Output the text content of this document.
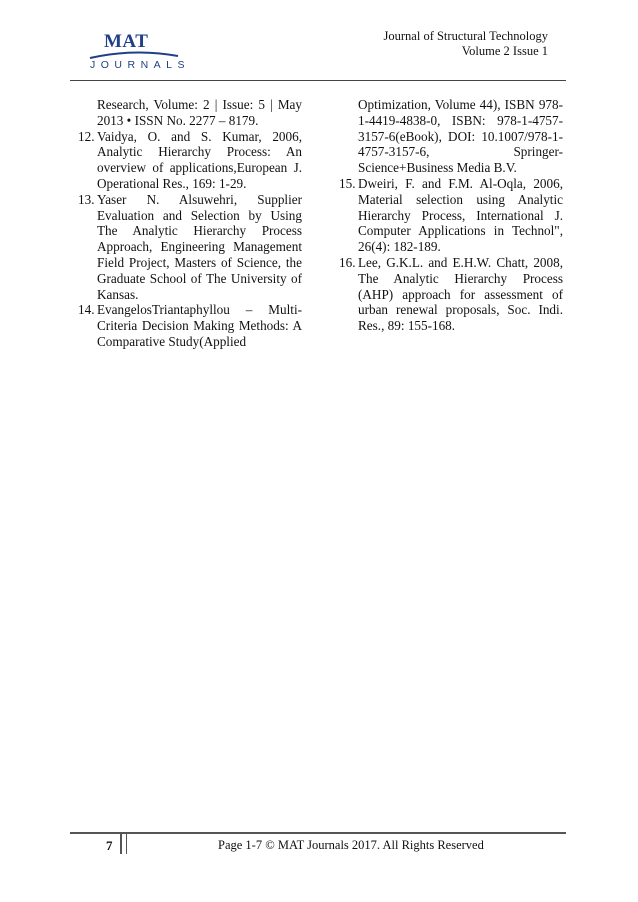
MAT
JOURNALS
Journal of Structural Technology
Volume 2 Issue 1
Research, Volume: 2 | Issue: 5 | May 2013 • ISSN No. 2277 – 8179.
12. Vaidya, O. and S. Kumar, 2006, Analytic Hierarchy Process: An overview of applications,European J. Operational Res., 169: 1-29.
13. Yaser N. Alsuwehri, Supplier Evaluation and Selection by Using The Analytic Hierarchy Process Approach, Engineering Management Field Project, Masters of Science, the Graduate School of The University of Kansas.
14. EvangelosTriantaphyllou – Multi-Criteria Decision Making Methods: A Comparative Study(Applied
Optimization, Volume 44), ISBN 978-1-4419-4838-0, ISBN: 978-1-4757-3157-6(eBook), DOI: 10.1007/978-1-4757-3157-6, Springer-Science+Business Media B.V.
15. Dweiri, F. and F.M. Al-Oqla, 2006, Material selection using Analytic Hierarchy Process, International J. Computer Applications in Technol", 26(4): 182-189.
16. Lee, G.K.L. and E.H.W. Chatt, 2008, The Analytic Hierarchy Process (AHP) approach for assessment of urban renewal proposals, Soc. Indi. Res., 89: 155-168.
7	Page 1-7 © MAT Journals 2017. All Rights Reserved
